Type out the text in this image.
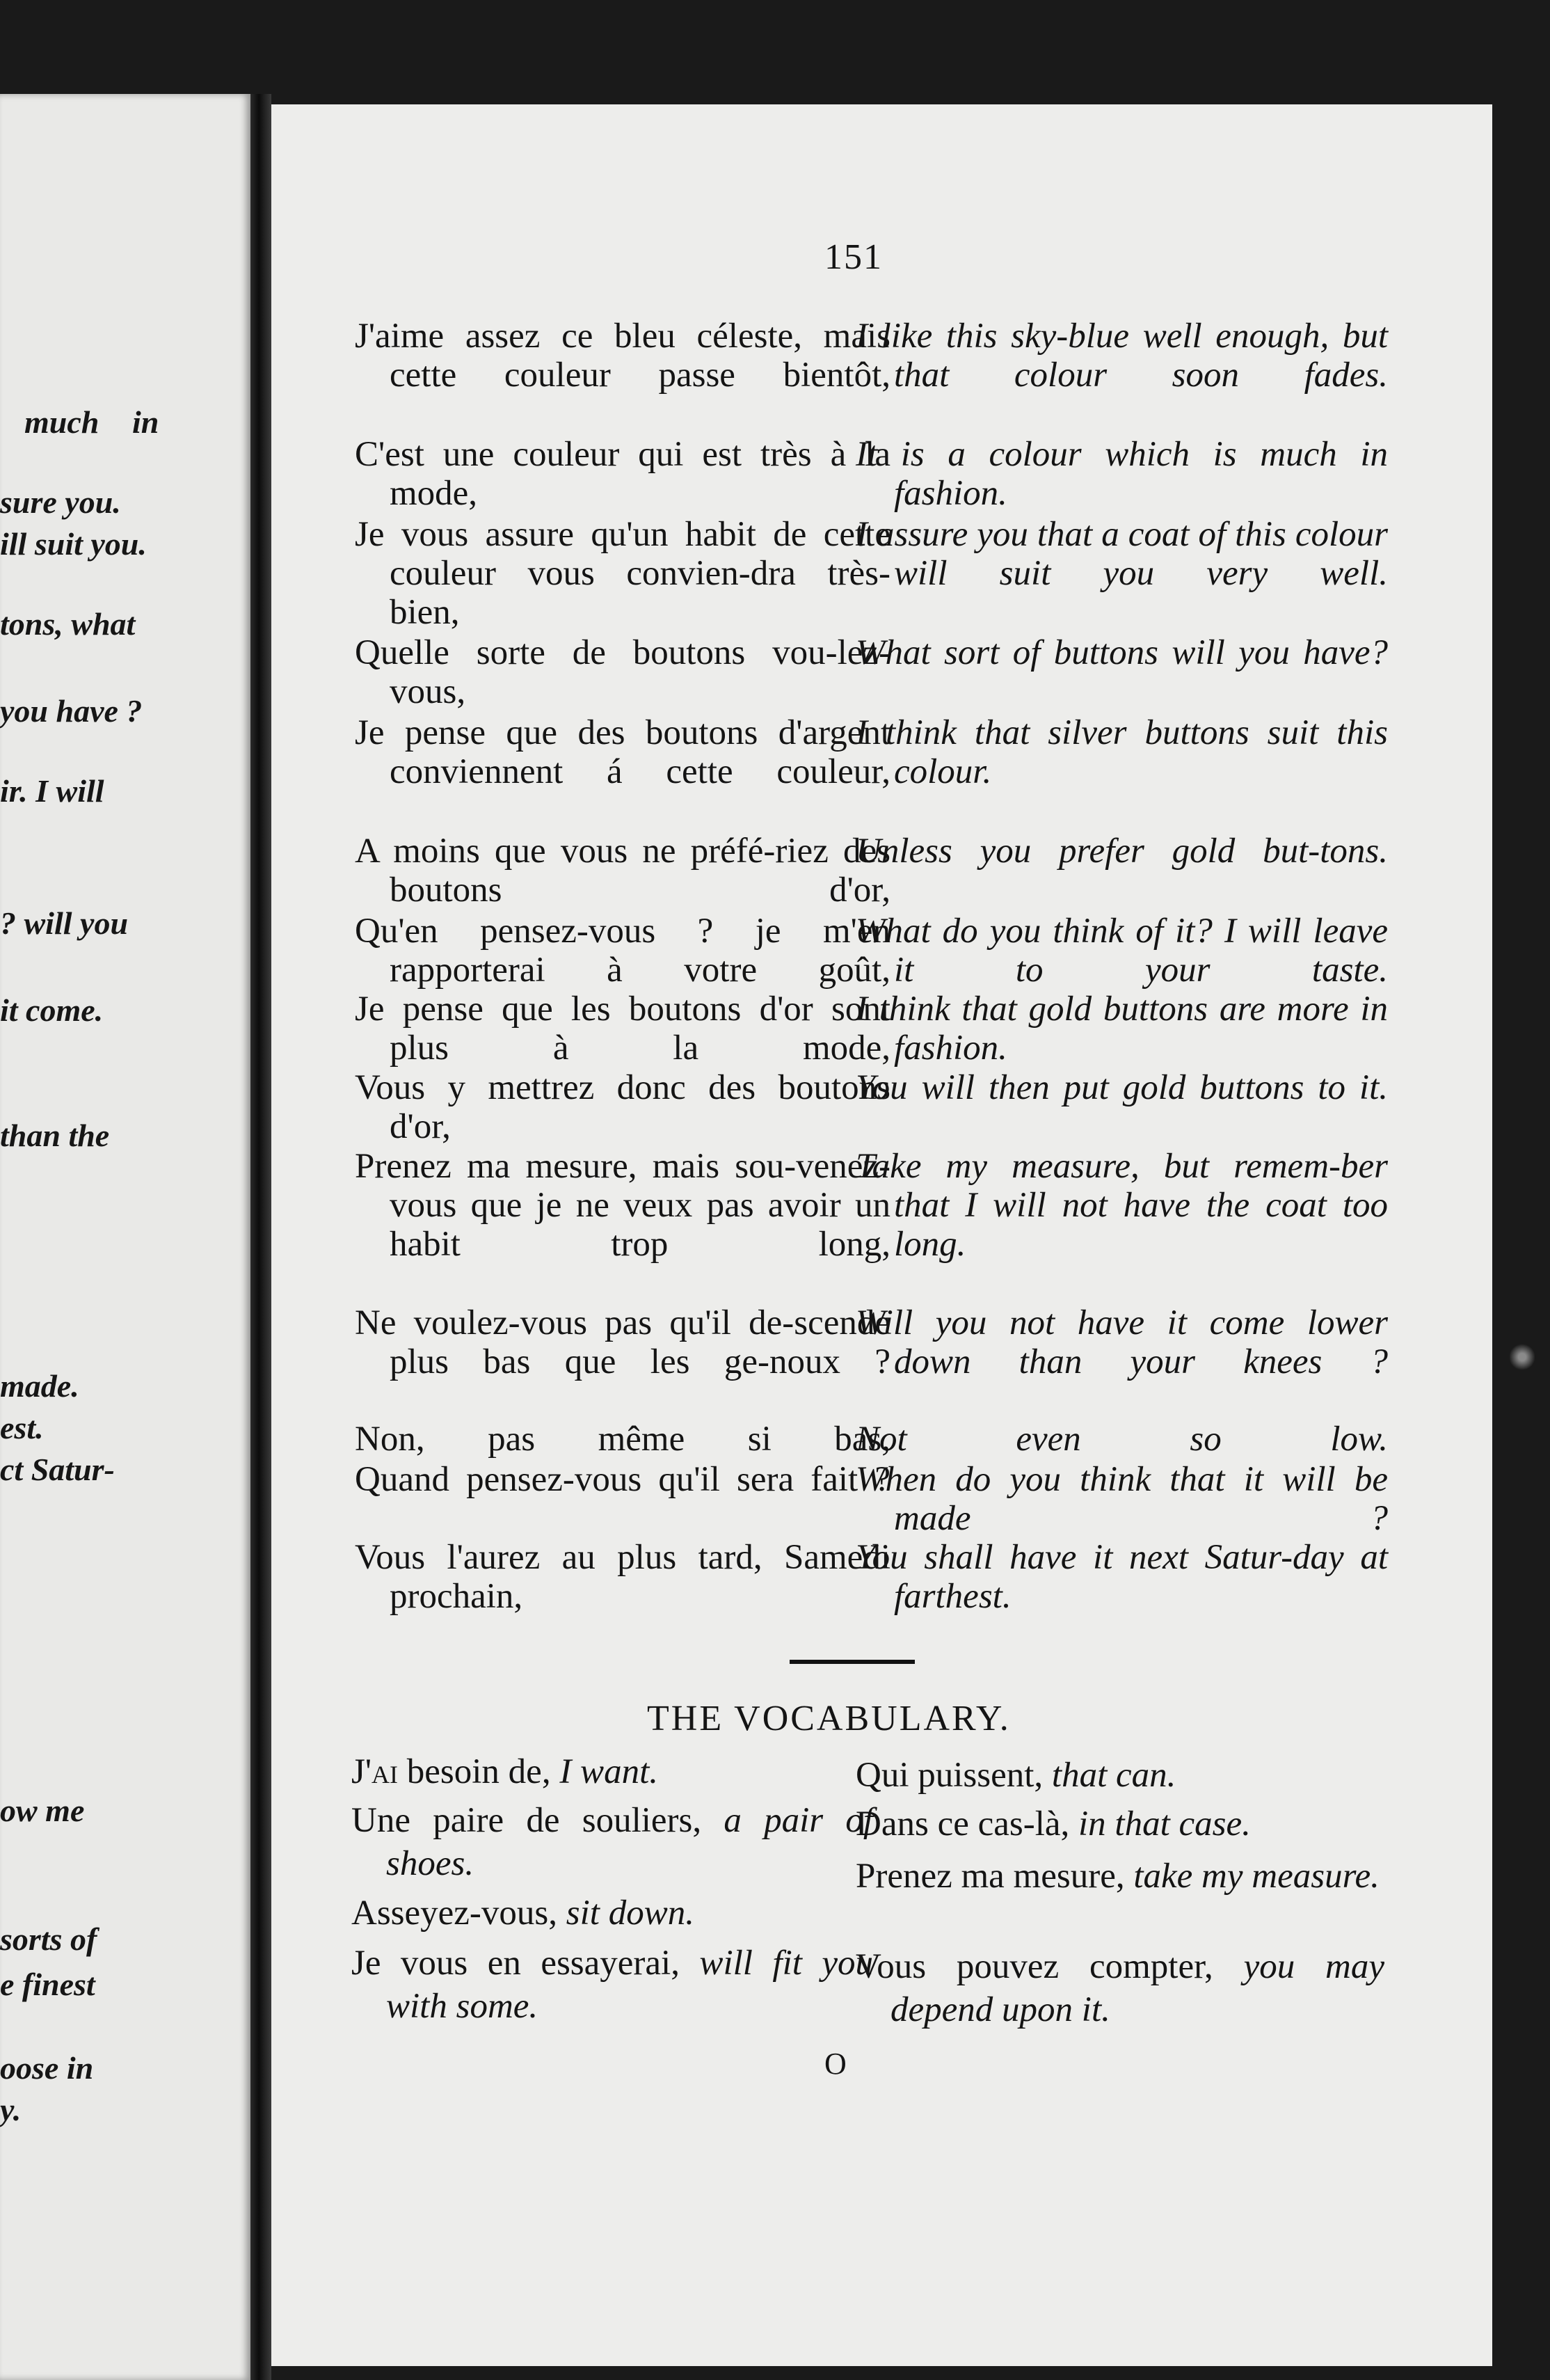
much in
sure you.
ill suit you.
tons, what
you have ?
ir. I will
? will you
it come.
than the
made.
est.
ct Satur-
ow me
sorts of
e finest
oose in
y.
151
J'aime assez ce bleu céleste, mais cette couleur passe bientôt,
I like this sky-blue well enough, but that colour soon fades.
C'est une couleur qui est très à la mode,
It is a colour which is much in fashion.
Je vous assure qu'un habit de cette couleur vous convien-dra très-bien,
I assure you that a coat of this colour will suit you very well.
Quelle sorte de boutons vou-lez-vous,
What sort of buttons will you have?
Je pense que des boutons d'argent conviennent á cette couleur,
I think that silver buttons suit this colour.
A moins que vous ne préfé-riez des boutons d'or,
Unless you prefer gold but-tons.
Qu'en pensez-vous ? je m'en rapporterai à votre goût,
What do you think of it? I will leave it to your taste.
Je pense que les boutons d'or sont plus à la mode,
I think that gold buttons are more in fashion.
Vous y mettrez donc des boutons d'or,
You will then put gold buttons to it.
Prenez ma mesure, mais sou-venez-vous que je ne veux pas avoir un habit trop long,
Take my measure, but remem-ber that I will not have the coat too long.
Ne voulez-vous pas qu'il de-scende plus bas que les ge-noux ?
Will you not have it come lower down than your knees ?
Non, pas même si bas,
Not even so low.
Quand pensez-vous qu'il sera fait ?
When do you think that it will be made ?
Vous l'aurez au plus tard, Samedi prochain,
You shall have it next Satur-day at farthest.
THE VOCABULARY.
J'ai besoin de, I want.
Une paire de souliers, a pair of shoes.
Asseyez-vous, sit down.
Je vous en essayerai, will fit you with some.
Qui puissent, that can.
Dans ce cas-là, in that case.
Prenez ma mesure, take my measure.
Vous pouvez compter, you may depend upon it.
O
